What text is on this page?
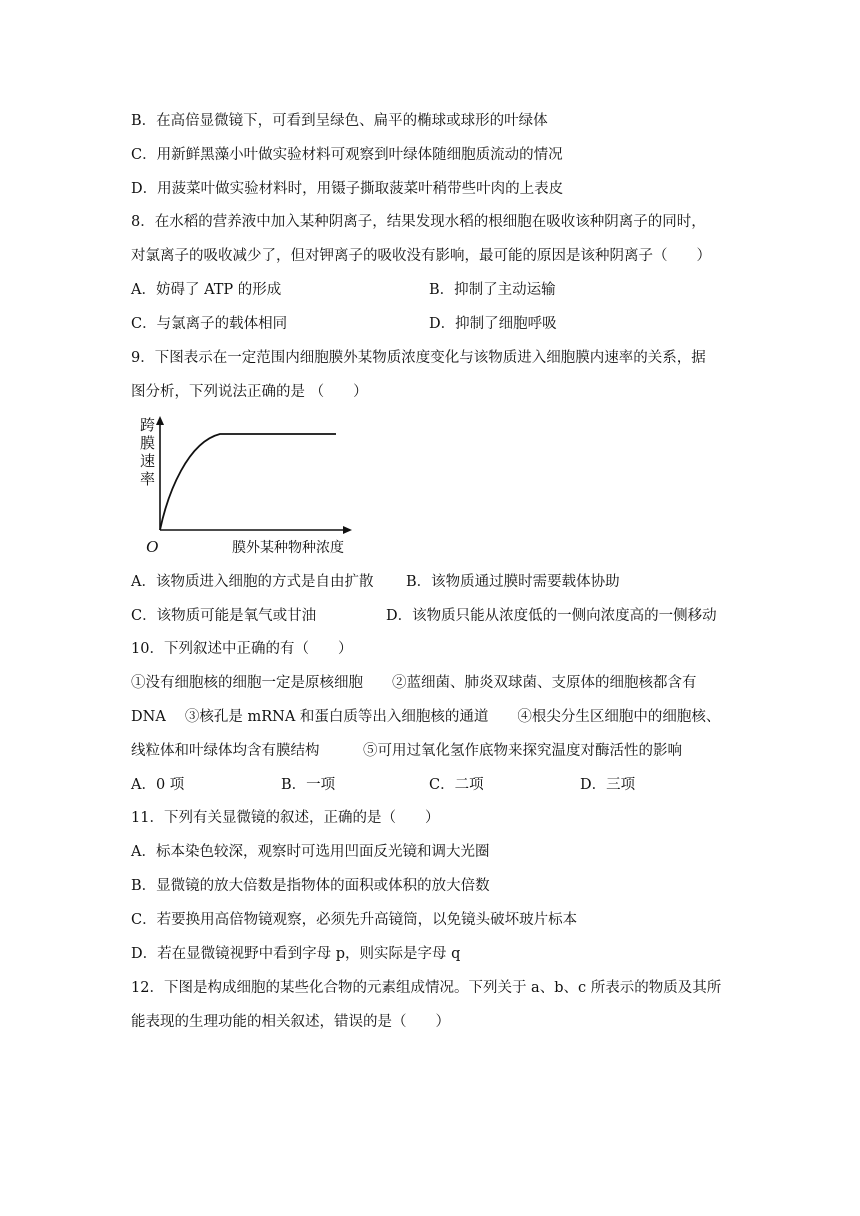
B．在高倍显微镜下，可看到呈绿色、扁平的椭球或球形的叶绿体
C．用新鲜黑藻小叶做实验材料可观察到叶绿体随细胞质流动的情况
D．用菠菜叶做实验材料时，用镊子撕取菠菜叶稍带些叶肉的上表皮
8．在水稻的营养液中加入某种阴离子，结果发现水稻的根细胞在吸收该种阴离子的同时，
对氯离子的吸收减少了，但对钾离子的吸收没有影响，最可能的原因是该种阴离子（　　）
A．妨碍了 ATP 的形成	B．抑制了主动运输
C．与氯离子的载体相同	D．抑制了细胞呼吸
9．下图表示在一定范围内细胞膜外某物质浓度变化与该物质进入细胞膜内速率的关系，据
图分析，下列说法正确的是 （　　）
跨
膜
速
率
O	膜外某种物种浓度
A．该物质进入细胞的方式是自由扩散 B．该物质通过膜时需要载体协助
C．该物质可能是氧气或甘油	D．该物质只能从浓度低的一侧向浓度高的一侧移动
10．下列叙述中正确的有（　　）
①没有细胞核的细胞一定是原核细胞　　②蓝细菌、肺炎双球菌、支原体的细胞核都含有
DNA　 ③核孔是 mRNA 和蛋白质等出入细胞核的通道　　④根尖分生区细胞中的细胞核、
线粒体和叶绿体均含有膜结构　　　⑤可用过氧化氢作底物来探究温度对酶活性的影响
A．0 项	B．一项	C．二项	D．三项
11．下列有关显微镜的叙述，正确的是（　　）
A．标本染色较深，观察时可选用凹面反光镜和调大光圈
B．显微镜的放大倍数是指物体的面积或体积的放大倍数
C．若要换用高倍物镜观察，必须先升高镜筒，以免镜头破坏玻片标本
D．若在显微镜视野中看到字母 p，则实际是字母 q
12．下图是构成细胞的某些化合物的元素组成情况。下列关于 a、b、c 所表示的物质及其所
能表现的生理功能的相关叙述，错误的是（　　）
